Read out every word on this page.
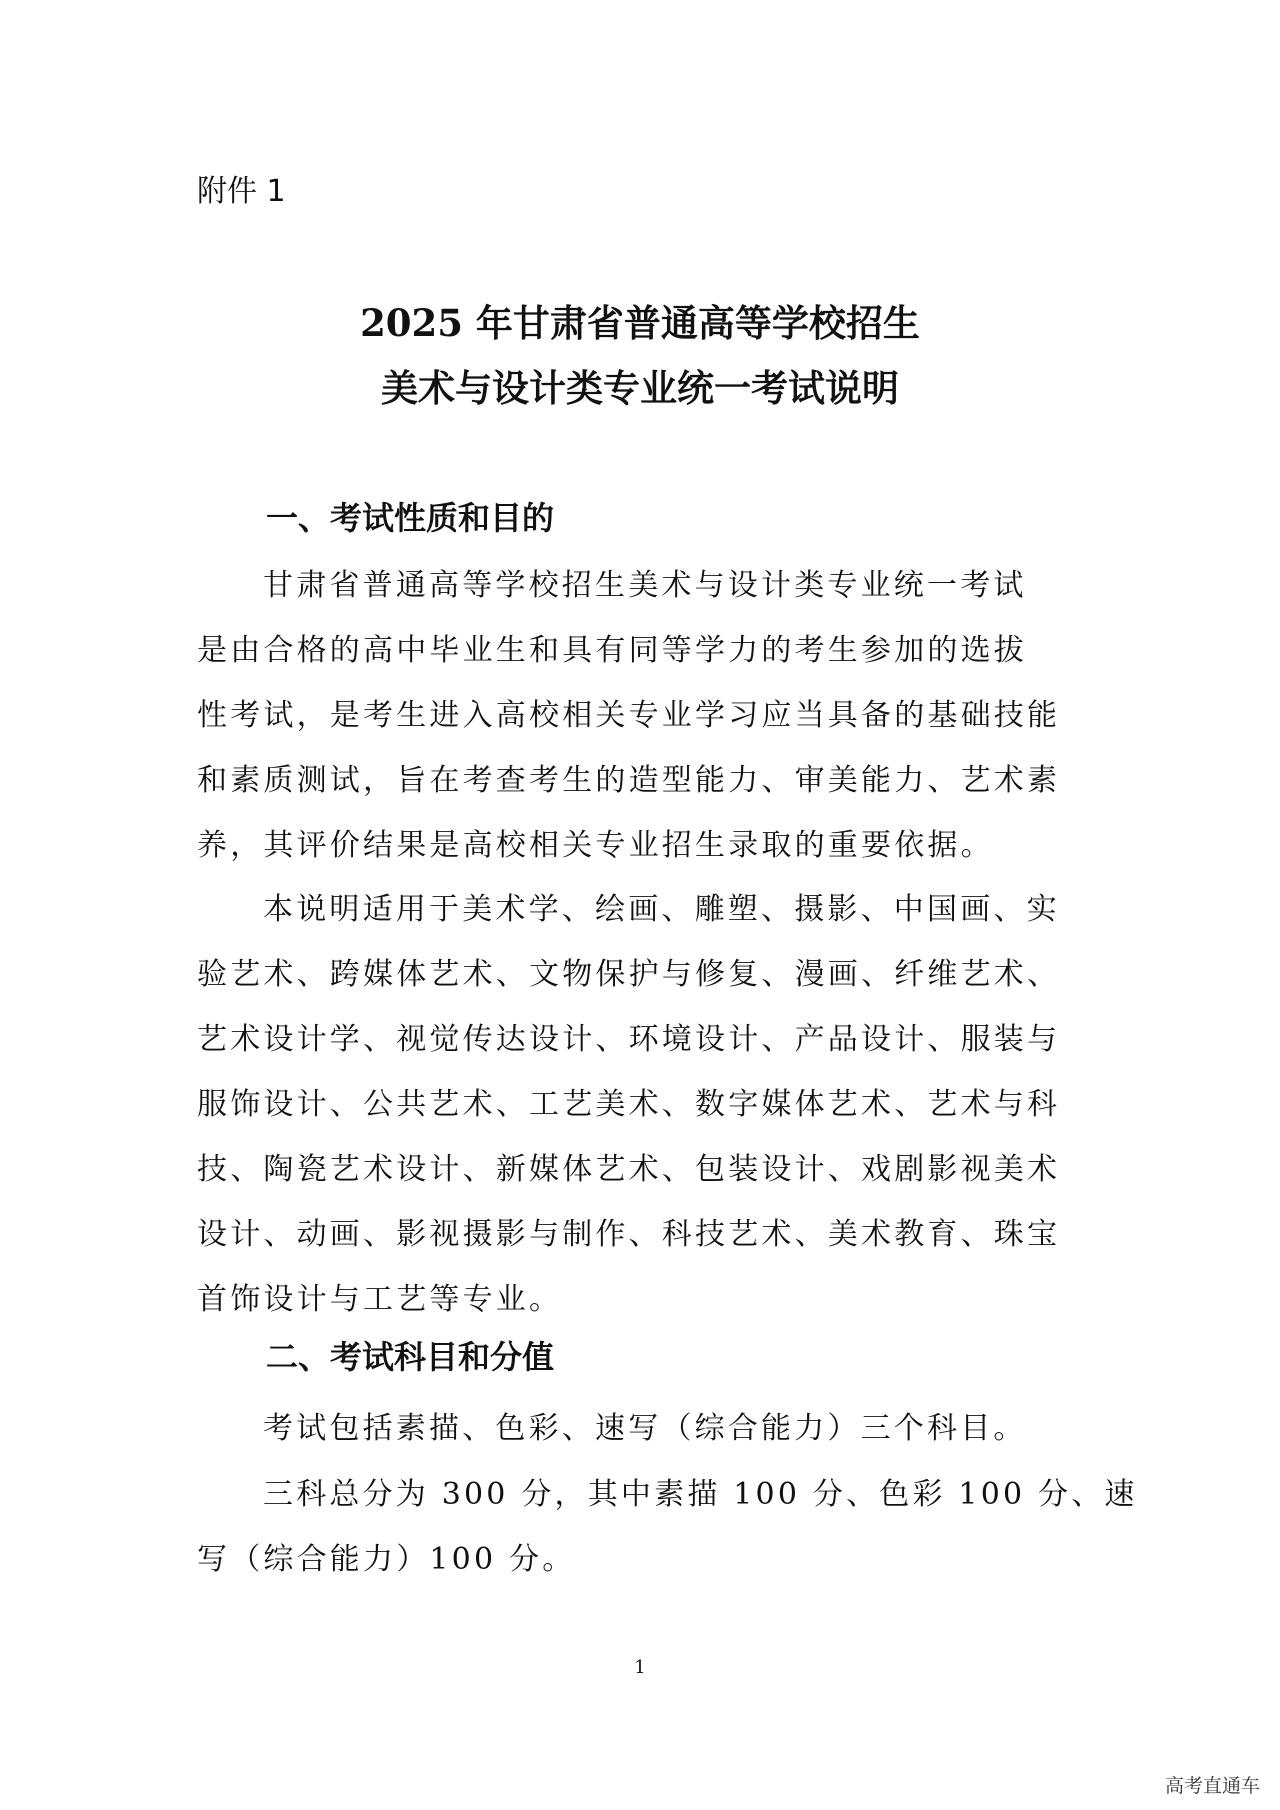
附件 1
2025 年甘肃省普通高等学校招生
美术与设计类专业统一考试说明
一、考试性质和目的
甘肃省普通高等学校招生美术与设计类专业统一考试
是由合格的高中毕业生和具有同等学力的考生参加的选拔
性考试，是考生进入高校相关专业学习应当具备的基础技能
和素质测试，旨在考查考生的造型能力、审美能力、艺术素
养，其评价结果是高校相关专业招生录取的重要依据。
本说明适用于美术学、绘画、雕塑、摄影、中国画、实
验艺术、跨媒体艺术、文物保护与修复、漫画、纤维艺术、
艺术设计学、视觉传达设计、环境设计、产品设计、服装与
服饰设计、公共艺术、工艺美术、数字媒体艺术、艺术与科
技、陶瓷艺术设计、新媒体艺术、包装设计、戏剧影视美术
设计、动画、影视摄影与制作、科技艺术、美术教育、珠宝
首饰设计与工艺等专业。
二、考试科目和分值
考试包括素描、色彩、速写（综合能力）三个科目。
三科总分为 300 分，其中素描 100 分、色彩 100 分、速
写（综合能力）100 分。
1
高考直通车
